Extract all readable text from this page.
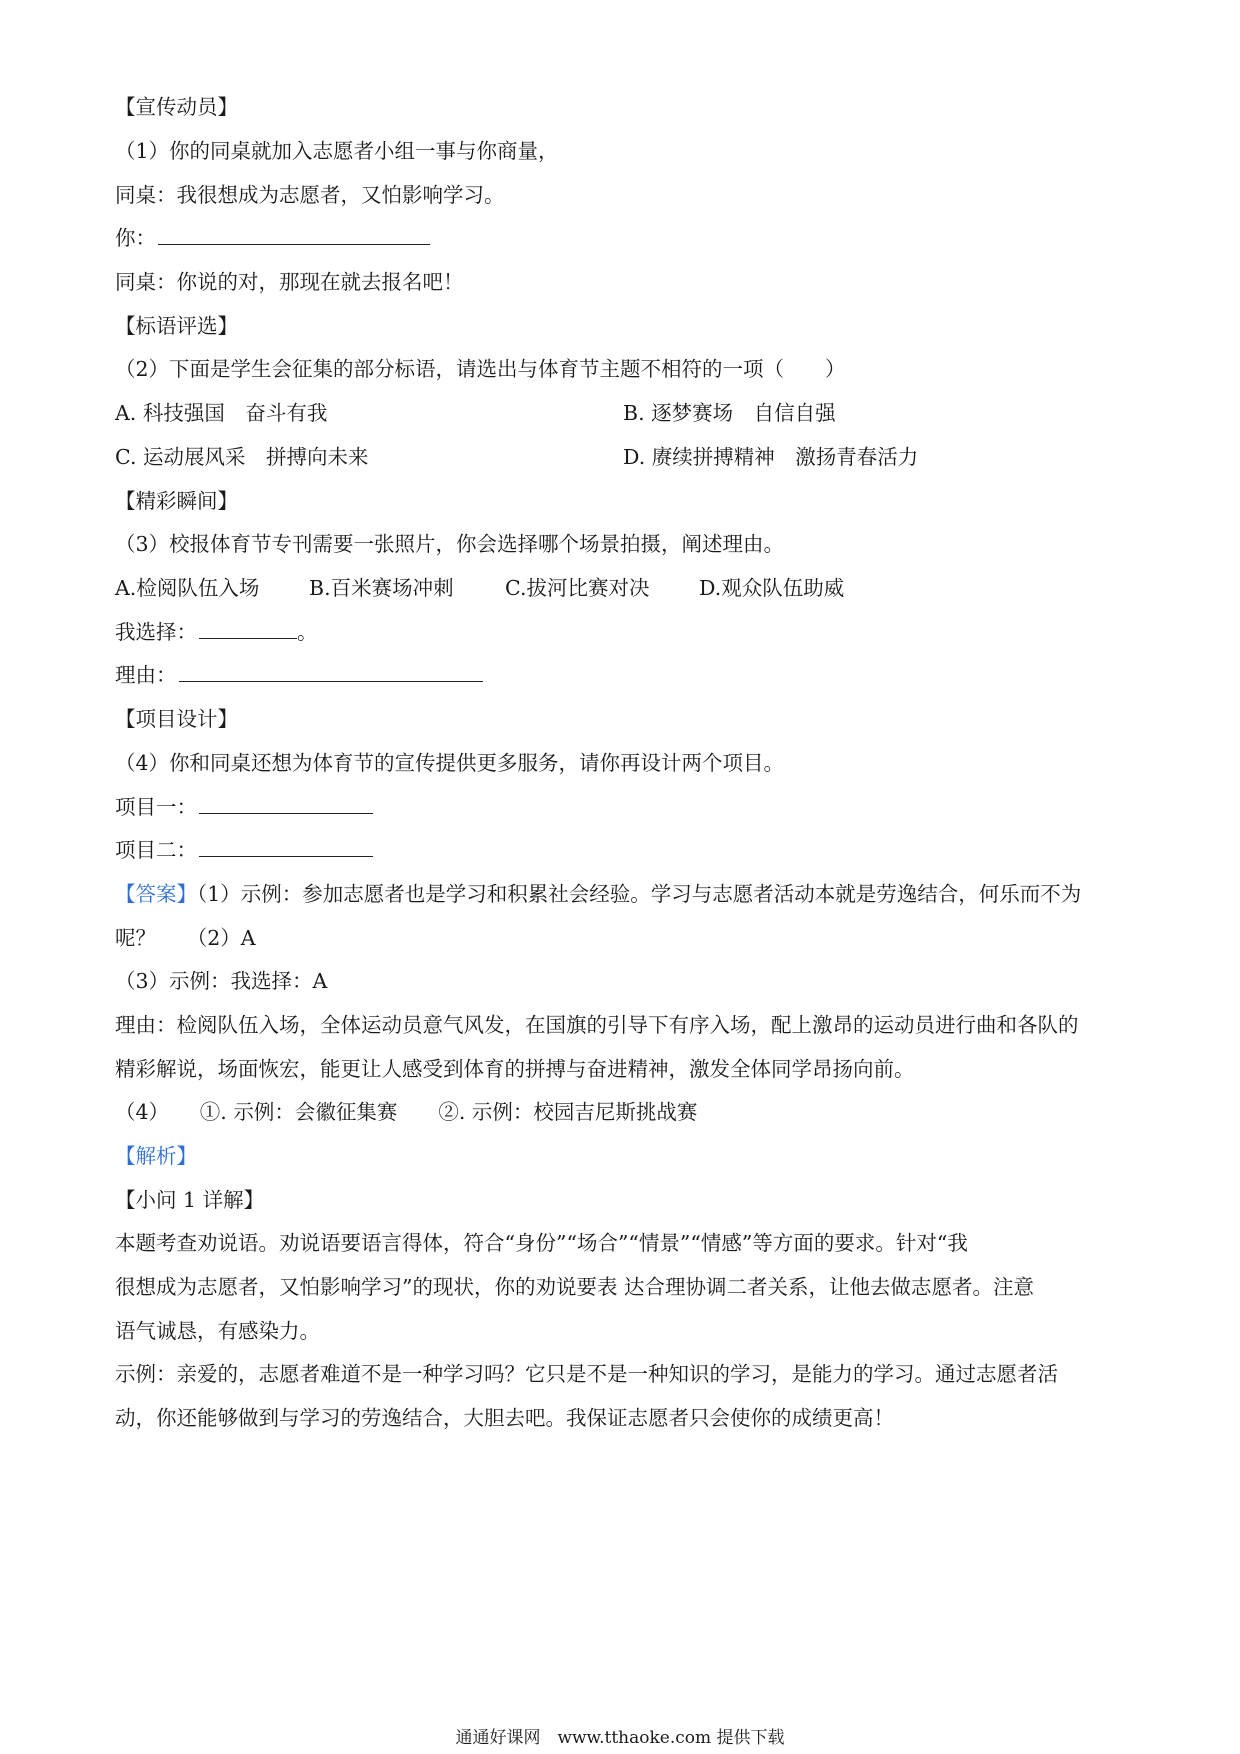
【宣传动员】
（1）你的同桌就加入志愿者小组一事与你商量，
同桌：我很想成为志愿者，又怕影响学习。
你：
同桌：你说的对，那现在就去报名吧！
【标语评选】
（2）下面是学生会征集的部分标语，请选出与体育节主题不相符的一项（　　）
A. 科技强国　奋斗有我	B. 逐梦赛场　自信自强
C. 运动展风采　拼搏向未来	D. 赓续拼搏精神　激扬青春活力
【精彩瞬间】
（3）校报体育节专刊需要一张照片，你会选择哪个场景拍摄，阐述理由。
A.检阅队伍入场 B.百米赛场冲刺	C.拔河比赛对决 D.观众队伍助威
我选择：	。
理由：
【项目设计】
（4）你和同桌还想为体育节的宣传提供更多服务，请你再设计两个项目。
项目一：
项目二：
【答案】（1）示例：参加志愿者也是学习和积累社会经验。学习与志愿者活动本就是劳逸结合，何乐而不为
呢？　　（2）A
（3）示例：我选择：A
理由：检阅队伍入场，全体运动员意气风发，在国旗的引导下有序入场，配上激昂的运动员进行曲和各队的
精彩解说，场面恢宏，能更让人感受到体育的拼搏与奋进精神，激发全体同学昂扬向前。
（4）　　①. 示例：会徽征集赛　　②. 示例：校园吉尼斯挑战赛
【解析】
【小问 1 详解】
本题考查劝说语。劝说语要语言得体，符合“身份”“场合”“情景”“情感”等方面的要求。针对“我
很想成为志愿者，又怕影响学习”的现状，你的劝说要表 达合理协调二者关系，让他去做志愿者。注意
语气诚恳，有感染力。
示例：亲爱的，志愿者难道不是一种学习吗？它只是不是一种知识的学习，是能力的学习。通过志愿者活
动，你还能够做到与学习的劳逸结合，大胆去吧。我保证志愿者只会使你的成绩更高！
通通好课网　www.tthaoke.com 提供下载
